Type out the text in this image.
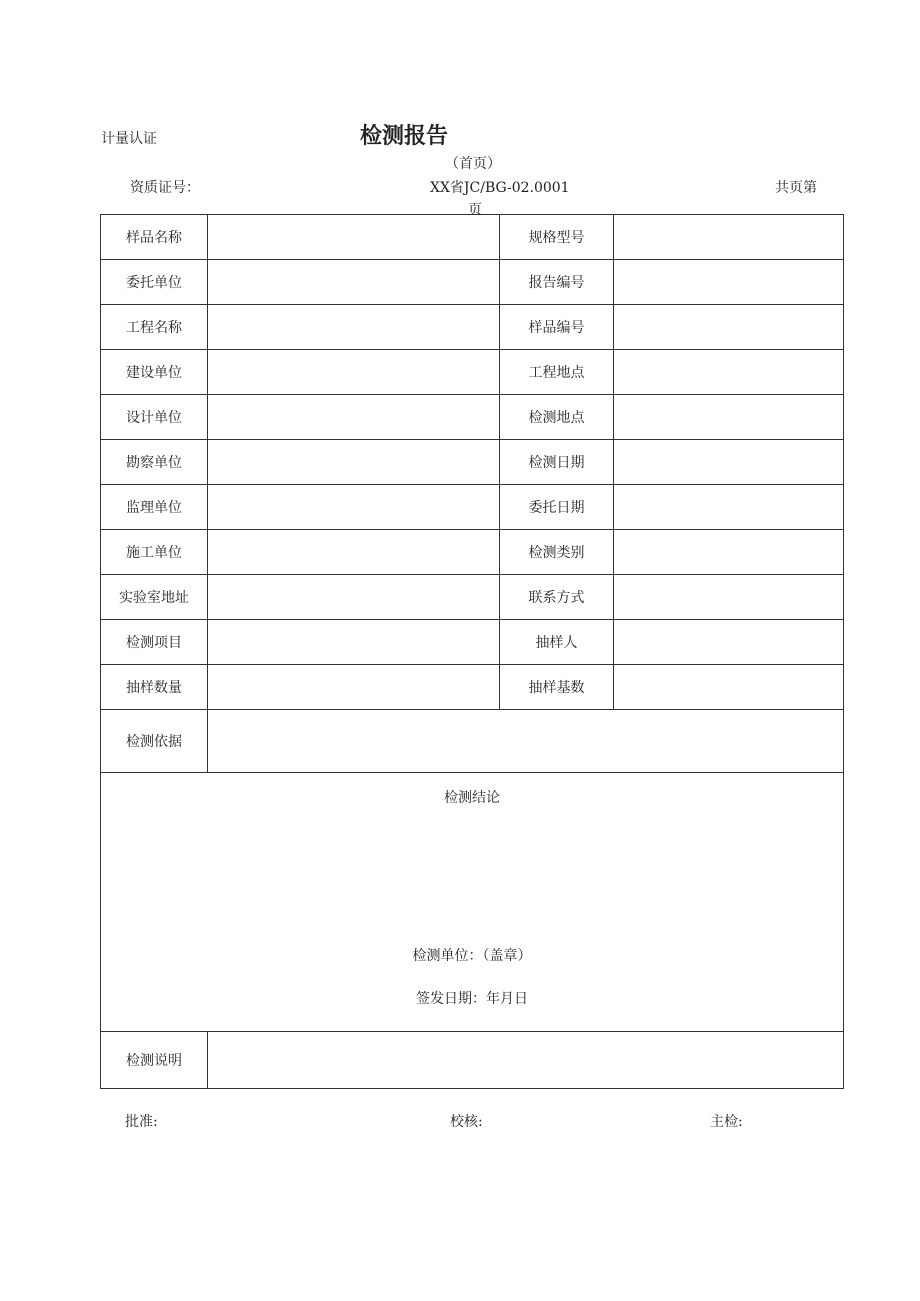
计量认证	检测报告
（首页）
资质证号：	XX省JC/BG-02.0001	共页第
页
样品名称		规格型号	
委托单位		报告编号	
工程名称		样品编号	
建设单位		工程地点	
设计单位		检测地点	
勘察单位		检测日期	
监理单位		委托日期	
施工单位		检测类别	
实验室地址		联系方式	
检测项目		抽样人	
抽样数量		抽样基数	
检测依据			

检测结论
检测单位：（盖章）
签发日期：年月日			

检测说明			
批准:	校核:	主检:
